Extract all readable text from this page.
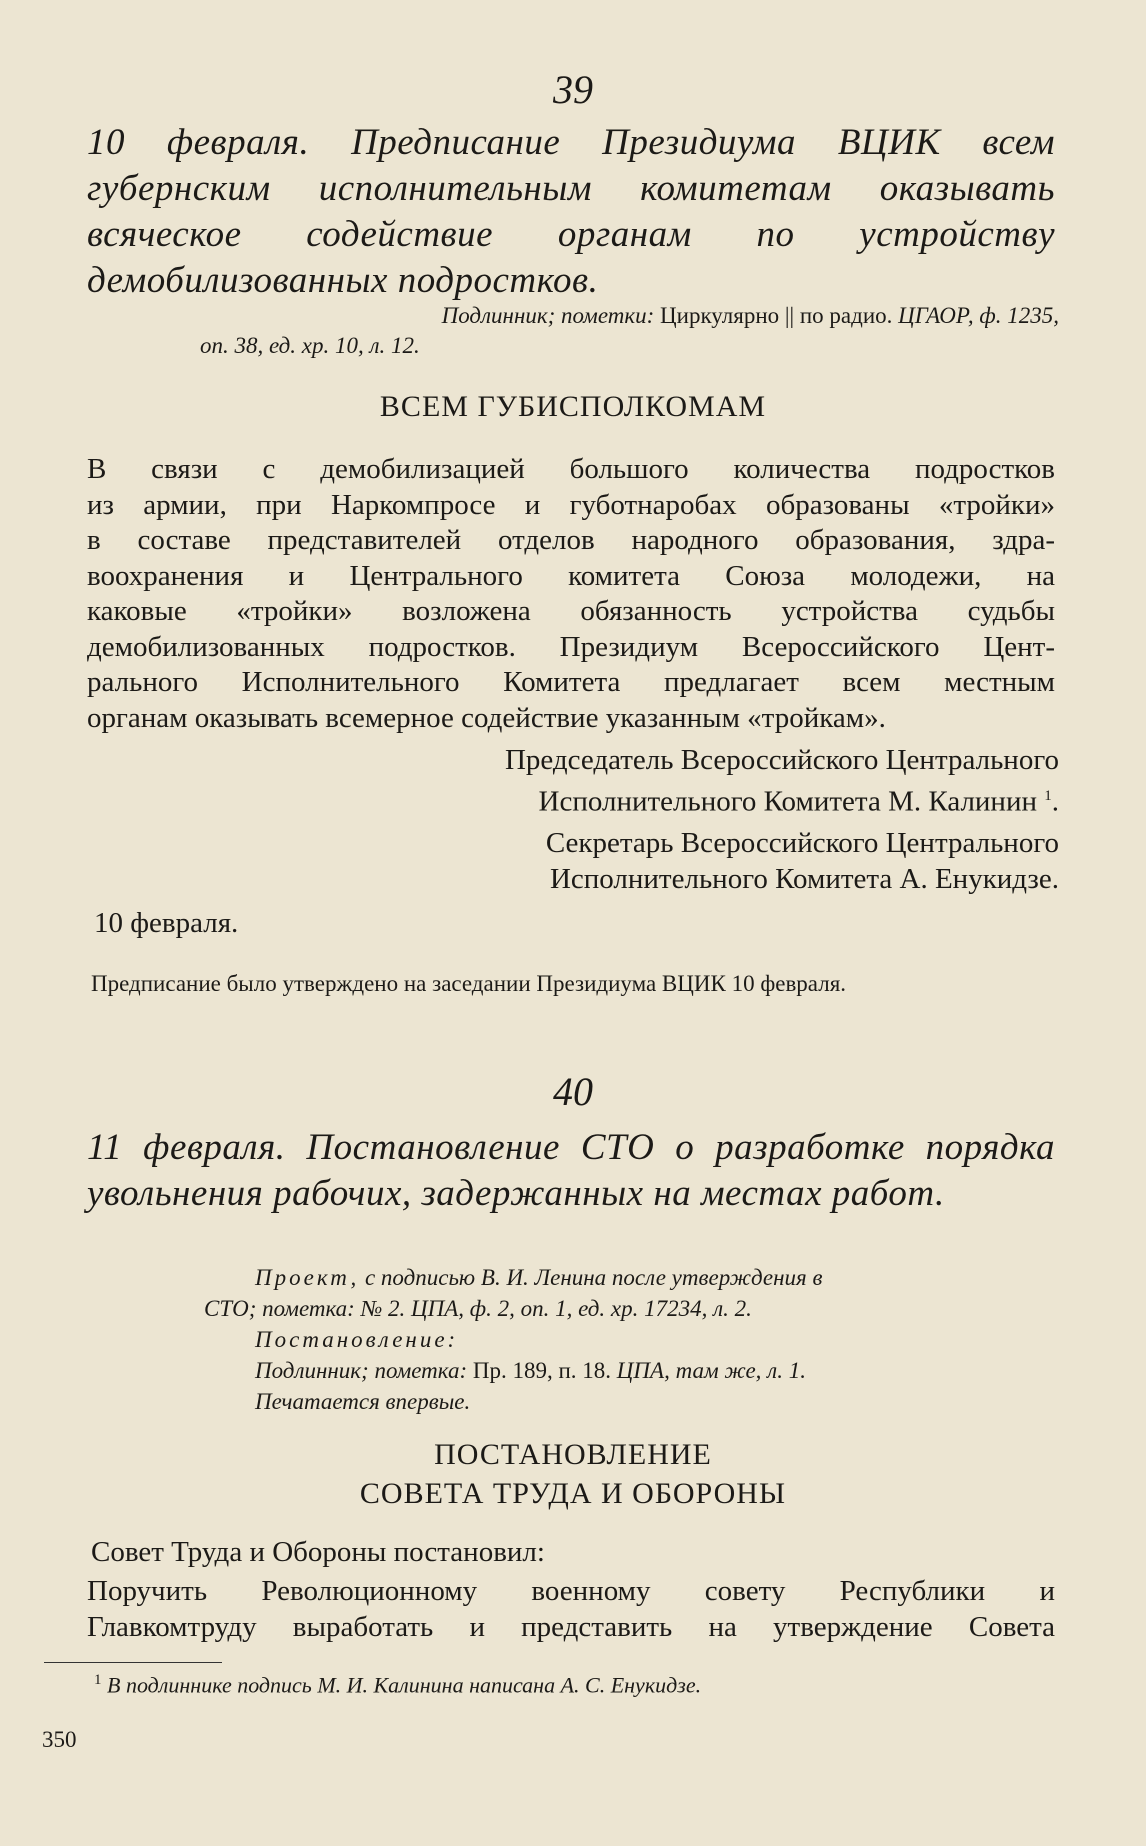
39
10 февраля. Предписание Президиума ВЦИК всем губернским исполнительным комитетам оказывать всяческое содействие органам по устройству демобилизованных подростков.
Подлинник; пометки: Циркулярно || по радио. ЦГАОР, ф. 1235,
оп. 38, ед. хр. 10, л. 12.
ВСЕМ ГУБИСПОЛКОМАМ

В связи с демобилизацией большого количества подростков

из армии, при Наркомпросе и губотнаробах образованы «тройки»

в составе представителей отделов народного образования, здра-

воохранения и Центрального комитета Союза молодежи, на

каковые «тройки» возложена обязанность устройства судьбы

демобилизованных подростков. Президиум Всероссийского Цент-

рального Исполнительного Комитета предлагает всем местным

органам оказывать всемерное содействие указанным «тройкам».

Председатель Всероссийского Центрального
Исполнительного Комитета М. Калинин $^1$.
Секретарь Всероссийского Центрального
Исполнительного Комитета А. Енукидзе.
10 февраля.
Предписание было утверждено на заседании Президиума ВЦИК 10 февраля.
40
11 февраля. Постановление СТО о разработке порядка увольнения рабочих, задержанных на местах работ.
Проект, с подписью В. И. Ленина после утверждения в
СТО; пометка: № 2. ЦПА, ф. 2, оп. 1, ед. хр. 17234, л. 2.
Постановление:
Подлинник; пометка: Пр. 189, п. 18. ЦПА, там же, л. 1.
Печатается впервые.
ПОСТАНОВЛЕНИЕ
СОВЕТА ТРУДА И ОБОРОНЫ
Совет Труда и Обороны постановил:

Поручить Революционному военному совету Республики и

Главкомтруду выработать и представить на утверждение Совета

$^1$ В подлиннике подпись М. И. Калинина написана А. С. Енукидзе.
350
